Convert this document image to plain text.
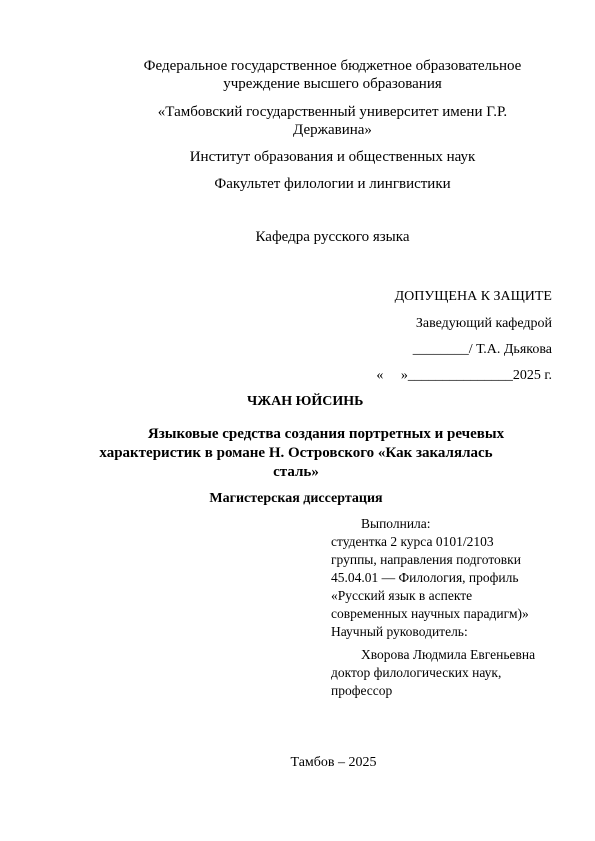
Федеральное государственное бюджетное образовательное
учреждение высшего образования
«Тамбовский государственный университет имени Г.Р.
Державина»
Институт образования и общественных наук
Факультет филологии и лингвистики
Кафедра русского языка
ДОПУЩЕНА К ЗАЩИТЕ
Заведующий кафедрой
________/ Т.А. Дьякова
«     »_______________2025 г.
ЧЖАН ЮЙСИНЬ
Языковые средства создания портретных и речевых
характеристик в романе Н. Островского «Как закалялась
сталь»
Магистерская диссертация
Выполнила:
студентка 2 курса 0101/2103
группы, направления подготовки
45.04.01 — Филология, профиль
«Русский язык в аспекте
современных научных парадигм)»
Научный руководитель:
Хворова Людмила Евгеньевна
доктор филологических наук,
профессор
Тамбов – 2025
